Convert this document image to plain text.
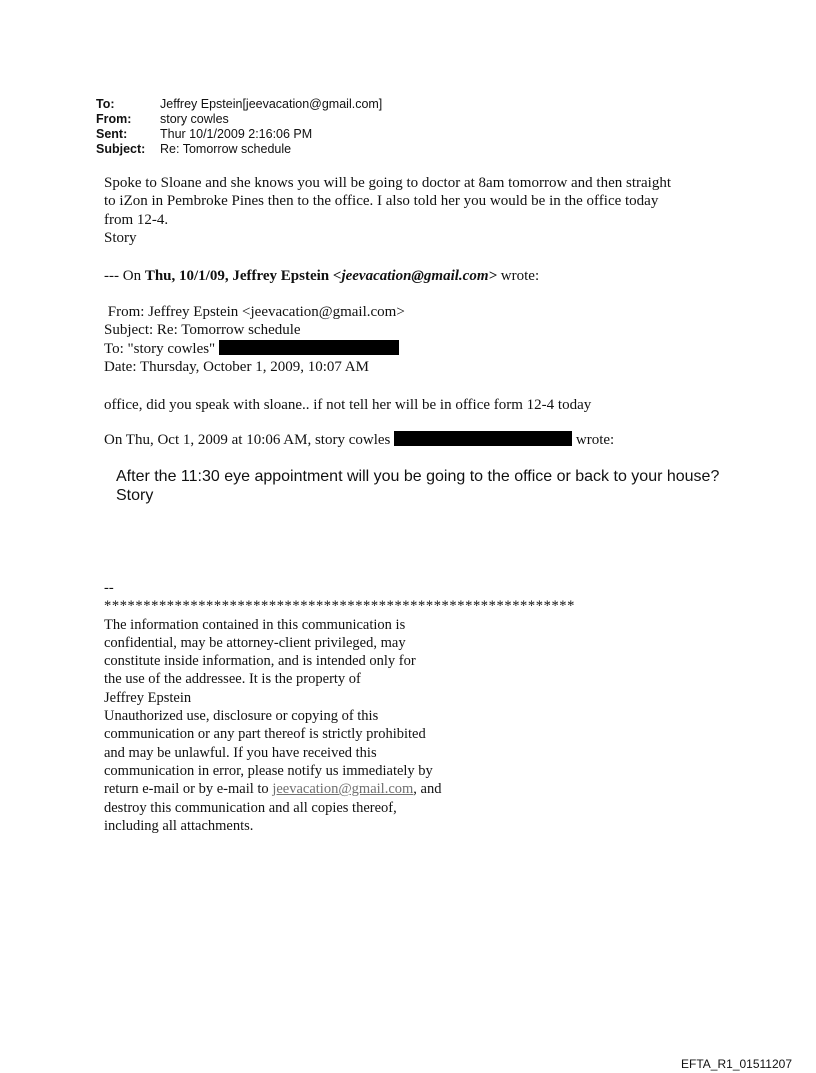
To:	Jeffrey Epstein[jeevacation@gmail.com]
From:	story cowles
Sent:	Thur 10/1/2009 2:16:06 PM
Subject:	Re: Tomorrow schedule
Spoke to Sloane and she knows you will be going to doctor at 8am tomorrow and then straight
to iZon in Pembroke Pines then to the office. I also told her you would be in the office today
from 12-4.
Story
--- On Thu, 10/1/09, Jeffrey Epstein <jeevacation@gmail.com> wrote:
From: Jeffrey Epstein <jeevacation@gmail.com>
Subject: Re: Tomorrow schedule
To: "story cowles"
Date: Thursday, October 1, 2009, 10:07 AM
office, did you speak with sloane.. if not tell her will be in office form 12-4 today
On Thu, Oct 1, 2009 at 10:06 AM, story cowles	wrote:
After the 11:30 eye appointment will you be going to the office or back to your house?
Story
--
************************************************************
The information contained in this communication is
confidential, may be attorney-client privileged, may
constitute inside information, and is intended only for
the use of the addressee. It is the property of
Jeffrey Epstein
Unauthorized use, disclosure or copying of this
communication or any part thereof is strictly prohibited
and may be unlawful. If you have received this
communication in error, please notify us immediately by
return e-mail or by e-mail to jeevacation@gmail.com, and
destroy this communication and all copies thereof,
including all attachments.
EFTA_R1_01511207
